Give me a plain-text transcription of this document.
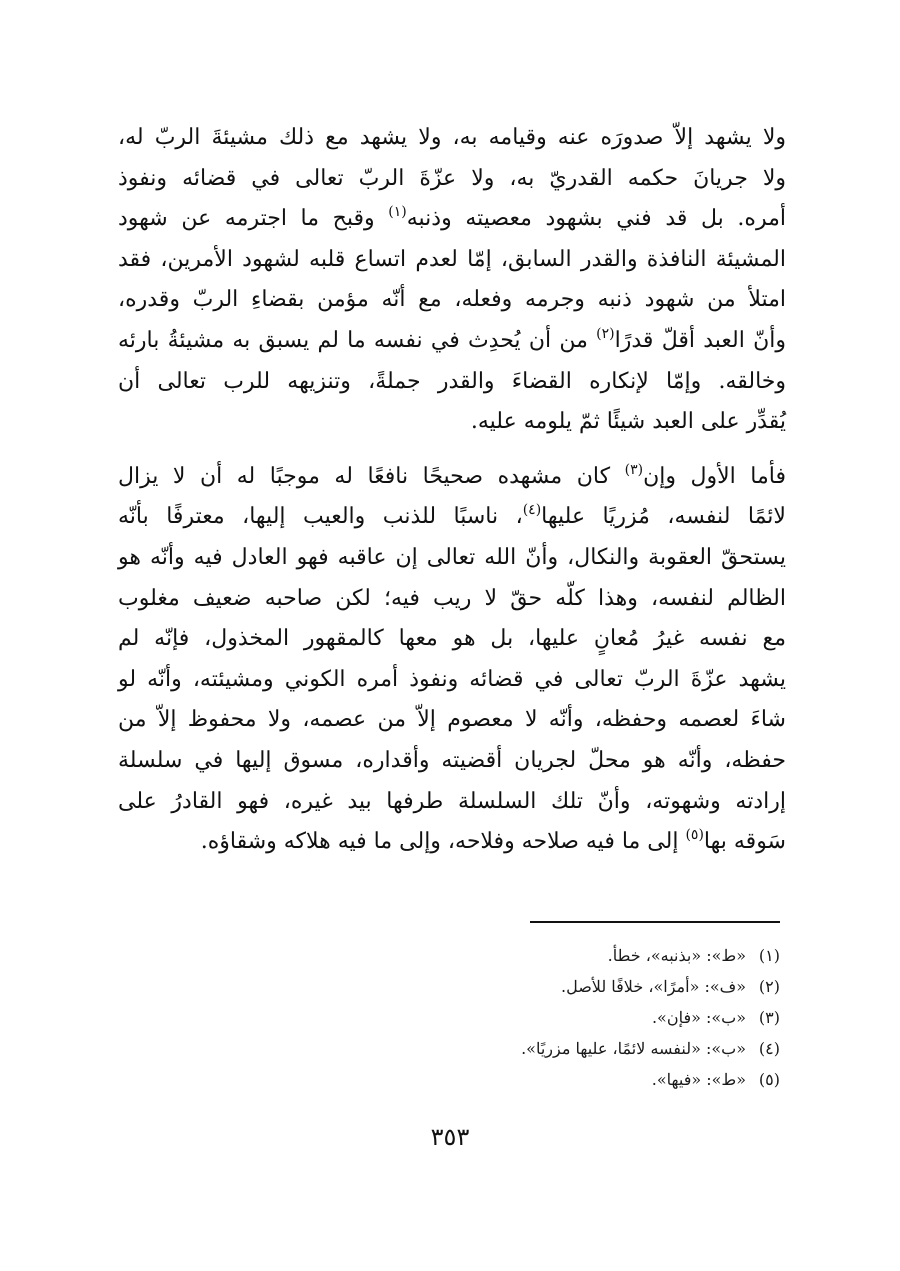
ولا يشهد إلاّ صدورَه عنه وقيامه به، ولا يشهد مع ذلك مشيئةَ الربّ له،
ولا جريانَ حكمه القدريّ به، ولا عزّةَ الربّ تعالى في قضائه ونفوذ
أمره. بل قد فني بشهود معصيته وذنبه$^{(١)}$ وقبح ما اجترمه عن شهود
المشيئة النافذة والقدر السابق، إمّا لعدم اتساع قلبه لشهود الأمرين، فقد
امتلأ من شهود ذنبه وجرمه وفعله، مع أنّه مؤمن بقضاءِ الربّ وقدره،
وأنّ العبد أقلّ قدرًا$^{(٢)}$ من أن يُحدِث في نفسه ما لم يسبق به مشيئةُ بارئه
وخالقه. وإمّا لإنكاره القضاءَ والقدر جملةً، وتنزيهه للرب تعالى أن
يُقدِّر على العبد شيئًا ثمّ يلومه عليه.
فأما الأول وإن$^{(٣)}$ كان مشهده صحيحًا نافعًا له موجبًا له أن لا يزال
لائمًا لنفسه، مُزريًا عليها$^{(٤)}$، ناسبًا للذنب والعيب إليها، معترفًا بأنّه
يستحقّ العقوبة والنكال، وأنّ الله تعالى إن عاقبه فهو العادل فيه وأنّه هو
الظالم لنفسه، وهذا كلّه حقّ لا ريب فيه؛ لكن صاحبه ضعيف مغلوب
مع نفسه غيرُ مُعانٍ عليها، بل هو معها كالمقهور المخذول، فإنّه لم
يشهد عزّةَ الربّ تعالى في قضائه ونفوذ أمره الكوني ومشيئته، وأنّه لو
شاءَ لعصمه وحفظه، وأنّه لا معصوم إلاّ من عصمه، ولا محفوظ إلاّ من
حفظه، وأنّه هو محلّ لجريان أقضيته وأقداره، مسوق إليها في سلسلة
إرادته وشهوته، وأنّ تلك السلسلة طرفها بيد غيره، فهو القادرُ على
سَوقه بها$^{(٥)}$ إلى ما فيه صلاحه وفلاحه، وإلى ما فيه هلاكه وشقاؤه.
(١)«ط»: «بذنبه»، خطأ.
(٢)«ف»: «أمرًا»، خلافًا للأصل.
(٣)«ب»: «فإن».
(٤)«ب»: «لنفسه لائمًا، عليها مزريًا».
(٥)«ط»: «فيها».
٣٥٣
